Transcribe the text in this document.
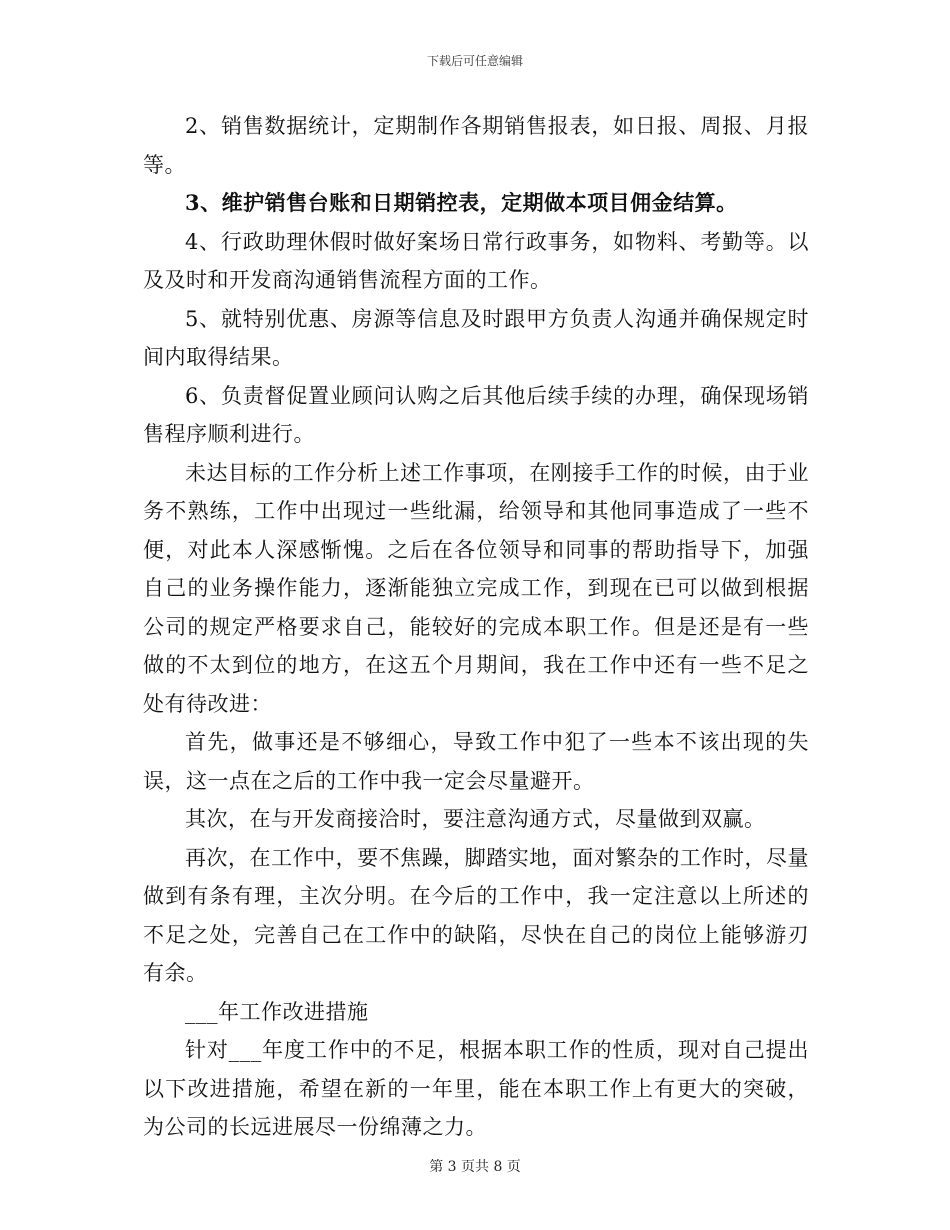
下载后可任意编辑

2、销售数据统计，定期制作各期销售报表，如日报、周报、月报等。

3、维护销售台账和日期销控表，定期做本项目佣金结算。

4、行政助理休假时做好案场日常行政事务，如物料、考勤等。以及及时和开发商沟通销售流程方面的工作。

5、就特别优惠、房源等信息及时跟甲方负责人沟通并确保规定时间内取得结果。

6、负责督促置业顾问认购之后其他后续手续的办理，确保现场销售程序顺利进行。

未达目标的工作分析上述工作事项，在刚接手工作的时候，由于业务不熟练，工作中出现过一些纰漏，给领导和其他同事造成了一些不便，对此本人深感惭愧。之后在各位领导和同事的帮助指导下，加强自己的业务操作能力，逐渐能独立完成工作，到现在已可以做到根据公司的规定严格要求自己，能较好的完成本职工作。但是还是有一些做的不太到位的地方，在这五个月期间，我在工作中还有一些不足之处有待改进：

首先，做事还是不够细心，导致工作中犯了一些本不该出现的失误，这一点在之后的工作中我一定会尽量避开。

其次，在与开发商接洽时，要注意沟通方式，尽量做到双赢。

再次，在工作中，要不焦躁，脚踏实地，面对繁杂的工作时，尽量做到有条有理，主次分明。在今后的工作中，我一定注意以上所述的不足之处，完善自己在工作中的缺陷，尽快在自己的岗位上能够游刃有余。

___年工作改进措施

针对___年度工作中的不足，根据本职工作的性质，现对自己提出以下改进措施，希望在新的一年里，能在本职工作上有更大的突破，为公司的长远进展尽一份绵薄之力。

第 3 页共 8 页
